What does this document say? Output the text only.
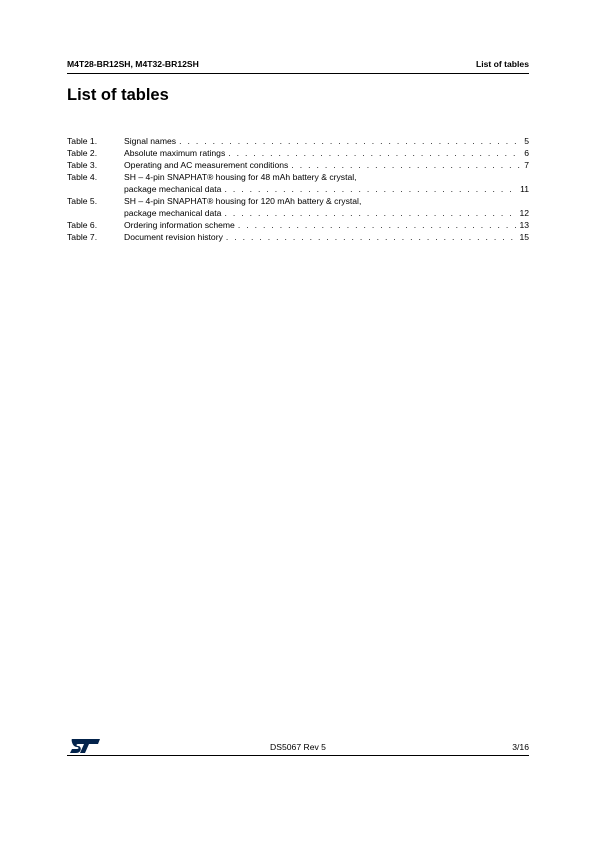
M4T28-BR12SH, M4T32-BR12SH	List of tables
List of tables
Table 1.	Signal names . . .	5
Table 2.	Absolute maximum ratings . . .	6
Table 3.	Operating and AC measurement conditions . . .	7
Table 4.	SH – 4-pin SNAPHAT® housing for 48 mAh battery & crystal,
package mechanical data . . .	11
Table 5.	SH – 4-pin SNAPHAT® housing for 120 mAh battery & crystal,
package mechanical data . . .	12
Table 6.	Ordering information scheme . . .	13
Table 7.	Document revision history . . .	15
DS5067 Rev 5	3/16
